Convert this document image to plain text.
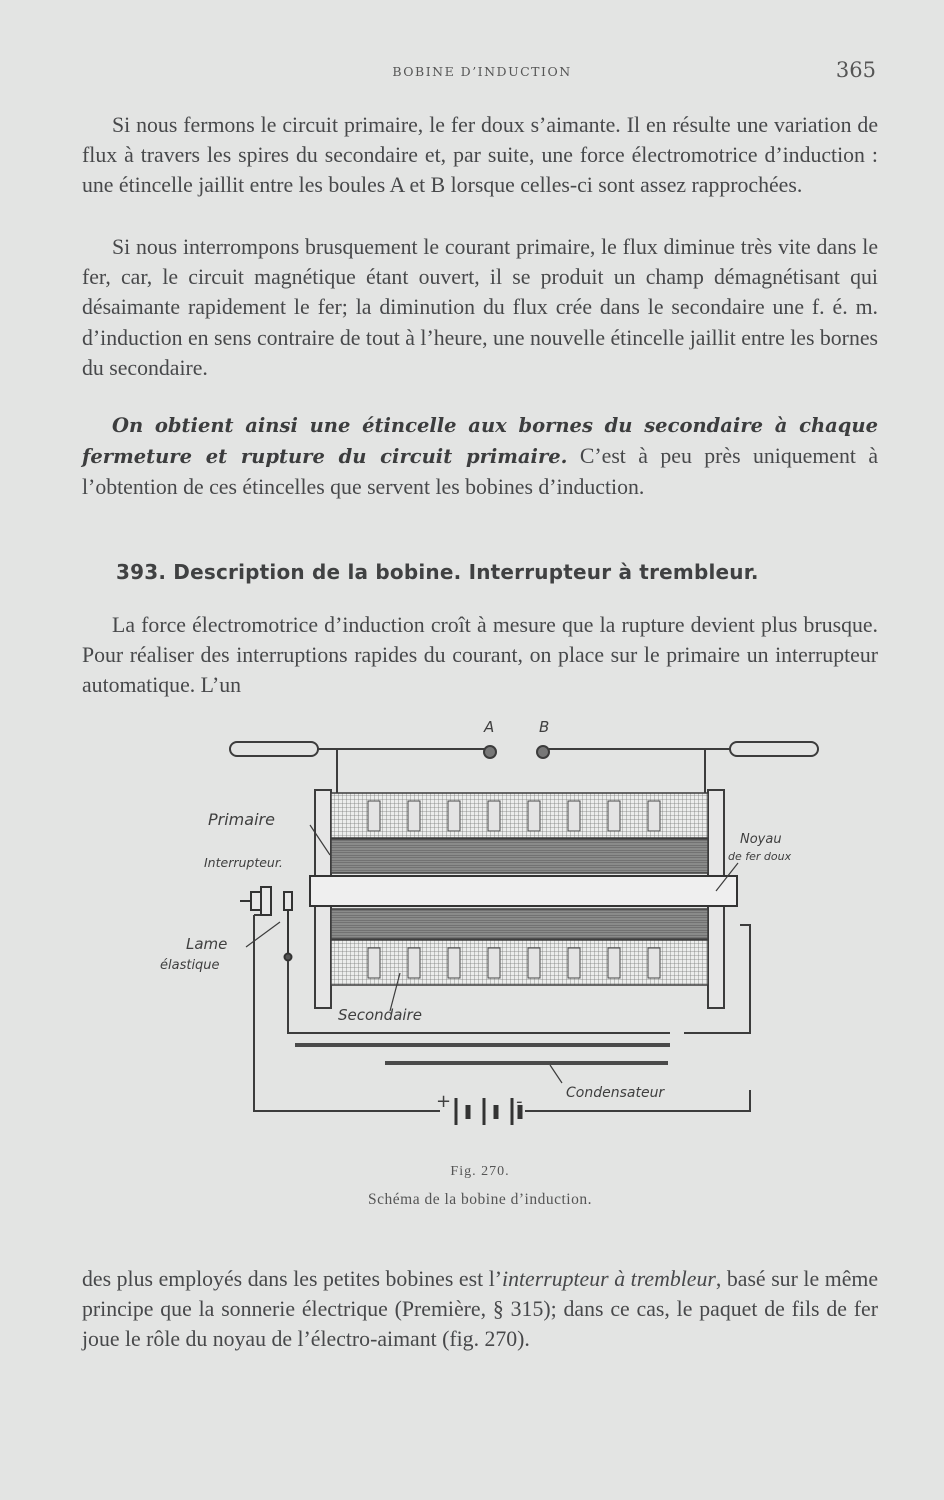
BOBINE D’INDUCTION	365

Si nous fermons le circuit primaire, le fer doux s’aimante. Il en résulte une variation de flux à travers les spires du secondaire et, par suite, une force électromotrice d’induction : une étincelle jaillit entre les boules A et B lorsque celles-ci sont assez rapprochées.

Si nous interrompons brusquement le courant primaire, le flux diminue très vite dans le fer, car, le circuit magnétique étant ouvert, il se produit un champ démagnétisant qui désaimante rapidement le fer; la diminution du flux crée dans le secondaire une f. é. m. d’induction en sens contraire de tout à l’heure, une nouvelle étincelle jaillit entre les bornes du secondaire.

On obtient ainsi une étincelle aux bornes du secondaire à chaque fermeture et rupture du circuit primaire. C’est à peu près uniquement à l’obtention de ces étincelles que servent les bobines d’induction.

393. Description de la bobine. Interrupteur à trembleur.

La force électromotrice d’induction croît à mesure que la rupture devient plus brusque. Pour réaliser des interruptions rapides du courant, on place sur le primaire un interrupteur automatique. L’un

A	B
Primaire
Interrupteur.
Lame
élastique
Noyau
de fer doux
Secondaire
Condensateur
+	-
Fig. 270.
Schéma de la bobine d’induction.

des plus employés dans les petites bobines est l’interrupteur à trembleur, basé sur le même principe que la sonnerie électrique (Première, § 315); dans ce cas, le paquet de fils de fer joue le rôle du noyau de l’électro-aimant (fig. 270).
